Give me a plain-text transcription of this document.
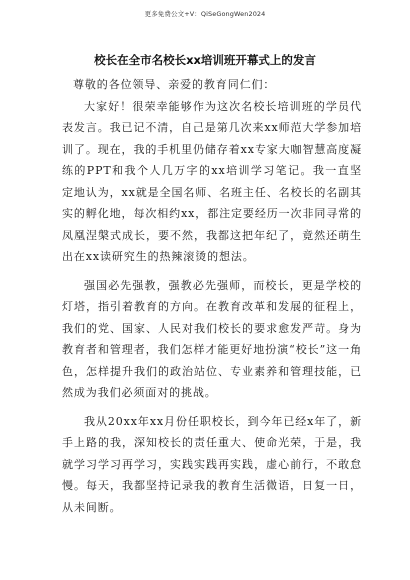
更多免费公文+V：QiSeGongWen2024
校长在全市名校长xx培训班开幕式上的发言

尊敬的各位领导、亲爱的教育同仁们：

大家好！很荣幸能够作为这次名校长培训班的学员代表发言。我已记不清，自己是第几次来xx师范大学参加培训了。现在，我的手机里仍储存着xx专家大咖智慧高度凝练的PPT和我个人几万字的xx培训学习笔记。我一直坚定地认为，xx就是全国名师、名班主任、名校长的名副其实的孵化地，每次相约xx，都注定要经历一次非同寻常的凤凰涅槃式成长，要不然，我都这把年纪了，竟然还萌生出在xx读研究生的热辣滚烫的想法。

强国必先强教，强教必先强师，而校长，更是学校的灯塔，指引着教育的方向。在教育改革和发展的征程上，我们的党、国家、人民对我们校长的要求愈发严苛。身为教育者和管理者，我们怎样才能更好地扮演“校长”这一角色，怎样提升我们的政治站位、专业素养和管理技能，已然成为我们必须面对的挑战。

我从20xx年xx月份任职校长，到今年已经x年了，新手上路的我，深知校长的责任重大、使命光荣，于是，我就学习学习再学习，实践实践再实践，虚心前行，不敢怠慢。每天，我都坚持记录我的教育生活微语，日复一日，从未间断。
